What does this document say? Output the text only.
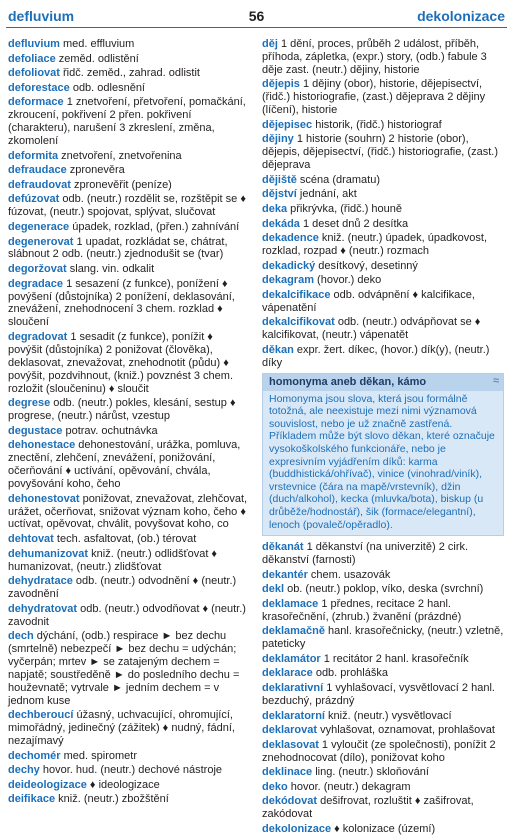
defluvium	56	dekolonizace
defluvium med. effluvium
defoliace zeměd. odlistění
defoliovat řidč. zeměd., zahrad. odlistit
deforestace odb. odlesnění
deformace 1 znetvoření, přetvoření, pomačkání, zkroucení, pokřivení 2 přen. pokřivení (charakteru), narušení 3 zkreslení, změna, zkomolení
deformita znetvoření, znetvořenina
defraudace zpronevěra
defraudovat zpronevěřit (peníze)
defúzovat odb. (neutr.) rozdělit se, rozštěpit se ♦ fúzovat, (neutr.) spojovat, splývat, slučovat
degenerace úpadek, rozklad, (přen.) zahnívání
degenerovat 1 upadat, rozkládat se, chátrat, slábnout 2 odb. (neutr.) zjednodušit se (tvar)
degoržovat slang. vin. odkalit
degradace 1 sesazení (z funkce), ponížení ♦ povýšení (důstojníka) 2 ponížení, deklasování, znevážení, znehodnocení 3 chem. rozklad ♦ sloučení
degradovat 1 sesadit (z funkce), ponížit ♦ povýšit (důstojníka) 2 ponižovat (člověka), deklasovat, znevažovat, znehodnotit (půdu) ♦ povýšit, pozdvihnout, (kniž.) povznést 3 chem. rozložit (sloučeninu) ♦ sloučit
degrese odb. (neutr.) pokles, klesání, sestup ♦ progrese, (neutr.) nárůst, vzestup
degustace potrav. ochutnávka
dehonestace dehonestování, urážka, pomluva, znectění, zlehčení, znevážení, ponižování, očerňování ♦ uctívání, opěvování, chvála, povyšování koho, čeho
dehonestovat ponižovat, znevažovat, zlehčovat, urážet, očerňovat, snižovat význam koho, čeho ♦ uctívat, opěvovat, chválit, povyšovat koho, co
dehtovat tech. asfaltovat, (ob.) térovat
dehumanizovat kniž. (neutr.) odlidšťovat ♦ humanizovat, (neutr.) zlidšťovat
dehydratace odb. (neutr.) odvodnění ♦ (neutr.) zavodnění
dehydratovat odb. (neutr.) odvodňovat ♦ (neutr.) zavodnit
dech dýchání, (odb.) respirace ► bez dechu (smrtelně) nebezpečí ► bez dechu = udýchán; vyčerpán; mrtev ► se zatajeným dechem = napjatě; soustředěně ► do posledního dechu = houževnatě; vytrvale ► jedním dechem = v jednom kuse
dechberoucí úžasný, uchvacující, ohromující, mimořádný, jedinečný (zážitek) ♦ nudný, fádní, nezajímavý
dechomér med. spirometr
dechy hovor. hud. (neutr.) dechové nástroje
deideologizace ♦ ideologizace
deifikace kniž. (neutr.) zbožštění
děj 1 dění, proces, průběh 2 událost, příběh, příhoda, zápletka, (expr.) story, (odb.) fabule 3 děje zast. (neutr.) dějiny, historie
dějepis 1 dějiny (obor), historie, dějepisectví, (řidč.) historiografie, (zast.) dějeprava 2 dějiny (líčení), historie
dějepisec historik, (řidč.) historiograf
dějiny 1 historie (souhrn) 2 historie (obor), dějepis, dějepisectví, (řidč.) historiografie, (zast.) dějeprava
dějiště scéna (dramatu)
dějství jednání, akt
deka přikrývka, (řidč.) houně
dekáda 1 deset dnů 2 desítka
dekadence kniž. (neutr.) úpadek, úpadkovost, rozklad, rozpad ♦ (neutr.) rozmach
dekadický desítkový, desetinný
dekagram (hovor.) deko
dekalcifikace odb. odvápnění ♦ kalcifikace, vápenatění
dekalcifikovat odb. (neutr.) odvápňovat se ♦ kalcifikovat, (neutr.) vápenatět
děkan expr. žert. díkec, (hovor.) dík(y), (neutr.) díky
homonyma aneb děkan, kámo	≈
Homonyma jsou slova, která jsou formálně totožná, ale neexistuje mezi nimi významová souvislost, nebo je už značně zastřená. Příkladem může být slovo děkan, které označuje vysokoškolského funkcionáře, nebo je expresivním vyjádřením díků: karma (buddhistická/ohřívač), vinice (vinohrad/viník), vrstevnice (čára na mapě/vrstevník), džin (duch/alkohol), kecka (mluvka/bota), biskup (u drůběže/hodnostář), šik (formace/elegantní), lenoch (povaleč/opěradlo).
děkanát 1 děkanství (na univerzitě) 2 cirk. děkanství (farnosti)
dekantér chem. usazovák
dekl ob. (neutr.) poklop, víko, deska (svrchní)
deklamace 1 přednes, recitace 2 hanl. krasořečnění, (zhrub.) žvanění (prázdné)
deklamačně hanl. krasořečnicky, (neutr.) vzletně, pateticky
deklamátor 1 recitátor 2 hanl. krasořečník
deklarace odb. prohláška
deklarativní 1 vyhlašovací, vysvětlovací 2 hanl. bezduchý, prázdný
deklaratorní kniž. (neutr.) vysvětlovací
deklarovat vyhlašovat, oznamovat, prohlašovat
deklasovat 1 vyloučit (ze společnosti), ponížit 2 znehodnocovat (dílo), ponižovat koho
deklinace ling. (neutr.) skloňování
deko hovor. (neutr.) dekagram
dekódovat dešifrovat, rozluštit ♦ zašifrovat, zakódovat
dekolonizace ♦ kolonizace (území)
